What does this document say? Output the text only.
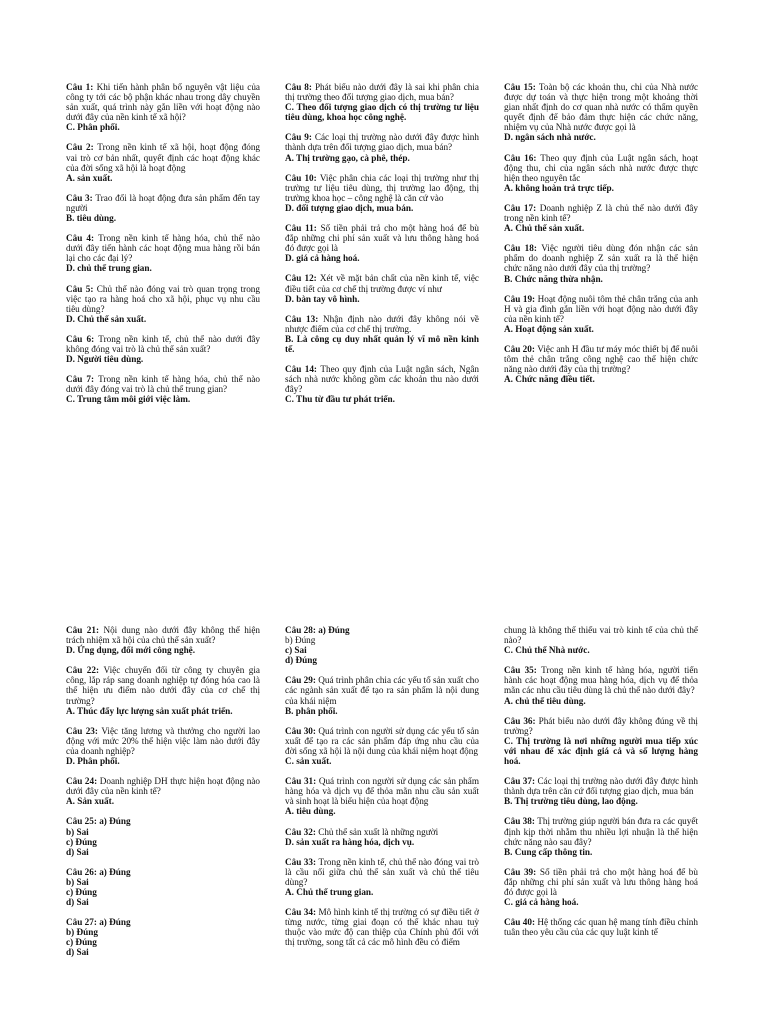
Câu 1: Khi tiến hành phân bổ nguyên vật liệu của công ty tới các bộ phận khác nhau trong dây chuyền sản xuất, quá trình này gắn liền với hoạt động nào dưới đây của nền kinh tế xã hội?
C. Phân phối.
Câu 2: Trong nền kinh tế xã hội, hoạt động đóng vai trò cơ bản nhất, quyết định các hoạt động khác của đời sống xã hội là hoạt động
A. sản xuất.
Câu 3: Trao đổi là hoạt động đưa sản phẩm đến tay người
B. tiêu dùng.
Câu 4: Trong nền kinh tế hàng hóa, chủ thể nào dưới đây tiến hành các hoạt động mua hàng rồi bán lại cho các đại lý?
D. chủ thể trung gian.
Câu 5: Chủ thể nào đóng vai trò quan trọng trong việc tạo ra hàng hoá cho xã hội, phục vụ nhu cầu tiêu dùng?
D. Chủ thể sản xuất.
Câu 6: Trong nền kinh tế, chủ thể nào dưới đây không đóng vai trò là chủ thể sản xuất?
D. Người tiêu dùng.
Câu 7: Trong nền kinh tế hàng hóa, chủ thể nào dưới đây đóng vai trò là chủ thể trung gian?
C. Trung tâm môi giới việc làm.
Câu 8: Phát biểu nào dưới đây là sai khi phân chia thị trường theo đối tượng giao dịch, mua bán?
C. Theo đối tượng giao dịch có thị trường tư liệu tiêu dùng, khoa học công nghệ.
Câu 9: Các loại thị trường nào dưới đây được hình thành dựa trên đối tượng giao dịch, mua bán?
A. Thị trường gạo, cà phê, thép.
Câu 10: Việc phân chia các loại thị trường như thị trường tư liệu tiêu dùng, thị trường lao động, thị trường khoa học – công nghệ là căn cứ vào
D. đối tượng giao dịch, mua bán.
Câu 11: Số tiền phải trả cho một hàng hoá để bù đắp những chi phí sản xuất và lưu thông hàng hoá đó được gọi là
D. giá cả hàng hoá.
Câu 12: Xét về mặt bản chất của nền kinh tế, việc điều tiết của cơ chế thị trường được ví như
D. bàn tay vô hình.
Câu 13: Nhận định nào dưới đây không nói về nhược điểm của cơ chế thị trường.
B. Là công cụ duy nhất quản lý vĩ mô nền kinh tế.
Câu 14: Theo quy định của Luật ngân sách, Ngân sách nhà nước không gồm các khoản thu nào dưới đây?
C. Thu từ đầu tư phát triển.
Câu 15: Toàn bộ các khoản thu, chi của Nhà nước được dự toán và thực hiện trong một khoảng thời gian nhất định do cơ quan nhà nước có thẩm quyền quyết định để bảo đảm thực hiện các chức năng, nhiệm vụ của Nhà nước được gọi là
D. ngân sách nhà nước.
Câu 16: Theo quy định của Luật ngân sách, hoạt động thu, chi của ngân sách nhà nước được thực hiện theo nguyên tắc
A. không hoàn trả trực tiếp.
Câu 17: Doanh nghiệp Z là chủ thể nào dưới đây trong nền kinh tế?
A. Chủ thể sản xuất.
Câu 18: Việc người tiêu dùng đón nhận các sản phẩm do doanh nghiệp Z sản xuất ra là thể hiện chức năng nào dưới đây của thị trường?
B. Chức năng thừa nhận.
Câu 19: Hoạt động nuôi tôm thẻ chân trắng của anh H và gia đình gắn liền với hoạt động nào dưới đây của nền kinh tế?
A. Hoạt động sản xuất.
Câu 20: Việc anh H đầu tư máy móc thiết bị để nuôi tôm thẻ chân trắng công nghệ cao thể hiện chức năng nào dưới đây của thị trường?
A. Chức năng điều tiết.
Câu 21: Nội dung nào dưới đây không thể hiện trách nhiệm xã hội của chủ thể sản xuất?
D. Ứng dụng, đổi mới công nghệ.
Câu 22: Việc chuyển đổi từ công ty chuyên gia công, lắp ráp sang doanh nghiệp tự đóng hóa cao là thể hiện ưu điểm nào dưới đây của cơ chế thị trường?
A. Thúc đẩy lực lượng sản xuất phát triển.
Câu 23: Việc tăng lương và thưởng cho người lao động với mức 20% thể hiện việc làm nào dưới đây của doanh nghiệp?
D. Phân phối.
Câu 24: Doanh nghiệp DH thực hiện hoạt động nào dưới đây của nền kinh tế?
A. Sản xuất.
Câu 25: a) Đúng

b) Sai
c) Đúng
d) Sai
Câu 26: a) Đúng

b) Sai
c) Đúng
d) Sai
Câu 27: a) Đúng

b) Đúng
c) Đúng
d) Sai
Câu 28: a) Đúng

b) Đúng
c) Sai
d) Đúng
Câu 29: Quá trình phân chia các yếu tố sản xuất cho các ngành sản xuất để tạo ra sản phẩm là nội dung của khái niệm
B. phân phối.
Câu 30: Quá trình con người sử dụng các yếu tố sản xuất để tạo ra các sản phẩm đáp ứng nhu cầu của đời sống xã hội là nội dung của khái niệm hoạt động
C. sản xuất.
Câu 31: Quá trình con người sử dụng các sản phẩm hàng hóa và dịch vụ để thỏa mãn nhu cầu sản xuất và sinh hoạt là biểu hiện của hoạt động
A. tiêu dùng.
Câu 32: Chủ thể sản xuất là những người
D. sản xuất ra hàng hóa, dịch vụ.
Câu 33: Trong nền kinh tế, chủ thể nào đóng vai trò là cầu nối giữa chủ thể sản xuất và chủ thể tiêu dùng?
A. Chủ thể trung gian.
Câu 34: Mô hình kinh tế thị trường có sự điều tiết ở từng nước, từng giai đoạn có thể khác nhau tuỳ thuộc vào mức độ can thiệp của Chính phủ đối với thị trường, song tất cả các mô hình đều có điểm
chung là không thể thiếu vai trò kinh tế của chủ thể nào?
C. Chủ thể Nhà nước.
Câu 35: Trong nền kinh tế hàng hóa, người tiến hành các hoạt động mua hàng hóa, dịch vụ để thỏa mãn các nhu cầu tiêu dùng là chủ thể nào dưới đây?
A. chủ thể tiêu dùng.
Câu 36: Phát biểu nào dưới đây không đúng về thị trường?
C. Thị trường là nơi những người mua tiếp xúc với nhau để xác định giá cả và số lượng hàng hoá.
Câu 37: Các loại thị trường nào dưới đây được hình thành dựa trên căn cứ đối tượng giao dịch, mua bán
B. Thị trường tiêu dùng, lao động.
Câu 38: Thị trường giúp người bán đưa ra các quyết định kịp thời nhằm thu nhiều lợi nhuận là thể hiện chức năng nào sau đây?
B. Cung cấp thông tin.
Câu 39: Số tiền phải trả cho một hàng hoá để bù đắp những chi phí sản xuất và lưu thông hàng hoá đó được gọi là
C. giá cả hàng hoá.
Câu 40: Hệ thống các quan hệ mang tính điều chỉnh tuân theo yêu cầu của các quy luật kinh tế
